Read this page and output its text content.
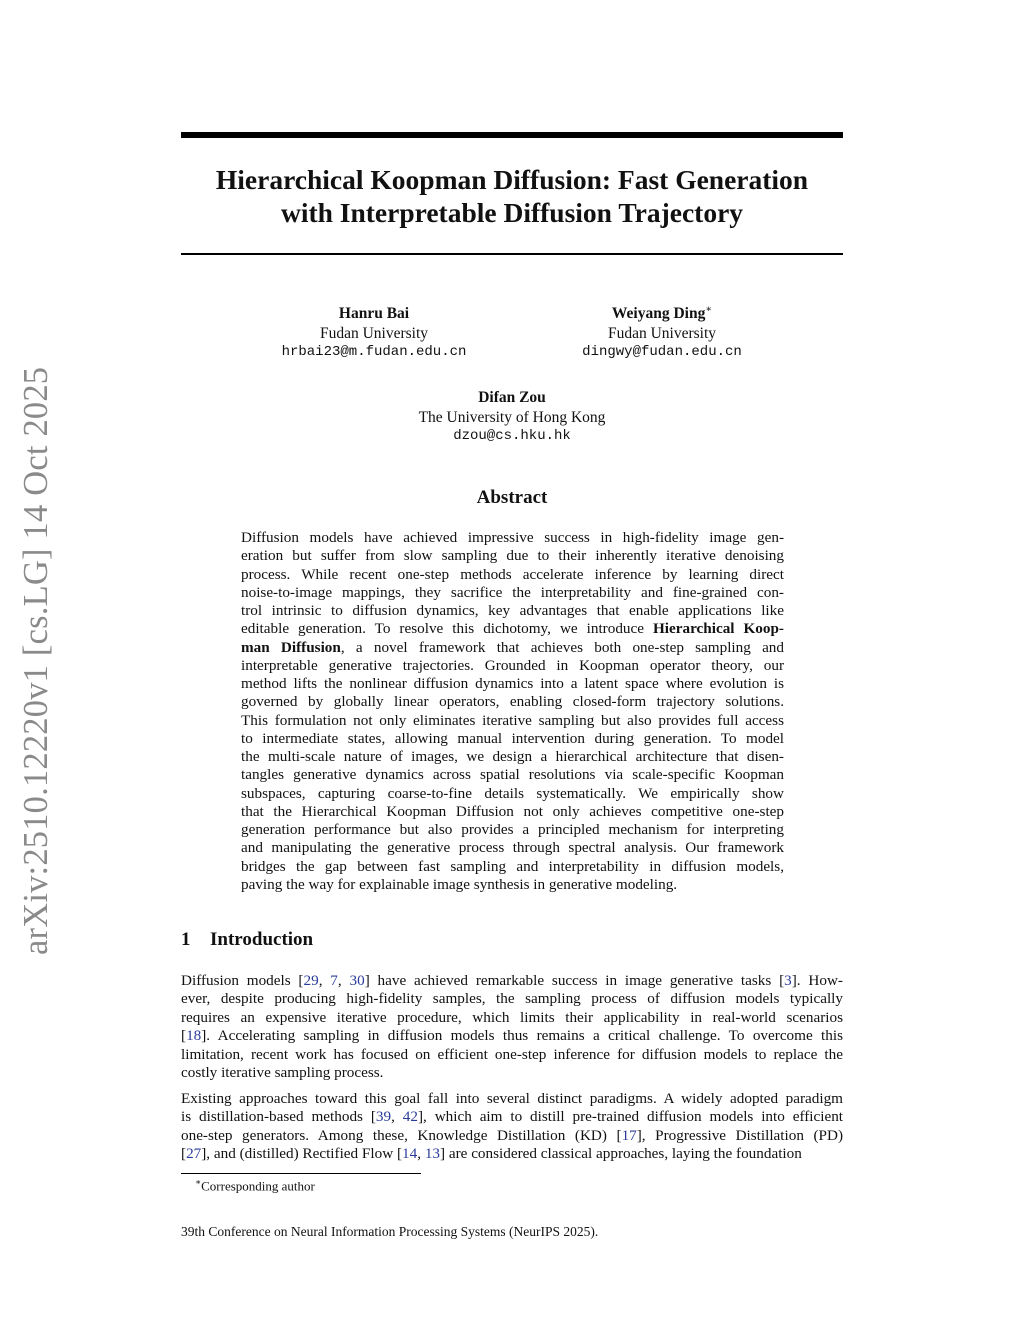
arXiv:2510.12220v1 [cs.LG] 14 Oct 2025
Hierarchical Koopman Diffusion: Fast Generation
with Interpretable Diffusion Trajectory
Hanru Bai
Fudan University
hrbai23@m.fudan.edu.cn
Weiyang Ding∗
Fudan University
dingwy@fudan.edu.cn
Difan Zou
The University of Hong Kong
dzou@cs.hku.hk
Abstract
Diffusion models have achieved impressive success in high-fidelity image gen-
eration but suffer from slow sampling due to their inherently iterative denoising
process. While recent one-step methods accelerate inference by learning direct
noise-to-image mappings, they sacrifice the interpretability and fine-grained con-
trol intrinsic to diffusion dynamics, key advantages that enable applications like
editable generation. To resolve this dichotomy, we introduce Hierarchical Koop-
man Diffusion, a novel framework that achieves both one-step sampling and
interpretable generative trajectories. Grounded in Koopman operator theory, our
method lifts the nonlinear diffusion dynamics into a latent space where evolution is
governed by globally linear operators, enabling closed-form trajectory solutions.
This formulation not only eliminates iterative sampling but also provides full access
to intermediate states, allowing manual intervention during generation. To model
the multi-scale nature of images, we design a hierarchical architecture that disen-
tangles generative dynamics across spatial resolutions via scale-specific Koopman
subspaces, capturing coarse-to-fine details systematically. We empirically show
that the Hierarchical Koopman Diffusion not only achieves competitive one-step
generation performance but also provides a principled mechanism for interpreting
and manipulating the generative process through spectral analysis. Our framework
bridges the gap between fast sampling and interpretability in diffusion models,
paving the way for explainable image synthesis in generative modeling.
1 Introduction
Diffusion models [29, 7, 30] have achieved remarkable success in image generative tasks [3]. How-
ever, despite producing high-fidelity samples, the sampling process of diffusion models typically
requires an expensive iterative procedure, which limits their applicability in real-world scenarios
[18]. Accelerating sampling in diffusion models thus remains a critical challenge. To overcome this
limitation, recent work has focused on efficient one-step inference for diffusion models to replace the
costly iterative sampling process.
Existing approaches toward this goal fall into several distinct paradigms. A widely adopted paradigm
is distillation-based methods [39, 42], which aim to distill pre-trained diffusion models into efficient
one-step generators. Among these, Knowledge Distillation (KD) [17], Progressive Distillation (PD)
[27], and (distilled) Rectified Flow [14, 13] are considered classical approaches, laying the foundation
∗Corresponding author
39th Conference on Neural Information Processing Systems (NeurIPS 2025).
